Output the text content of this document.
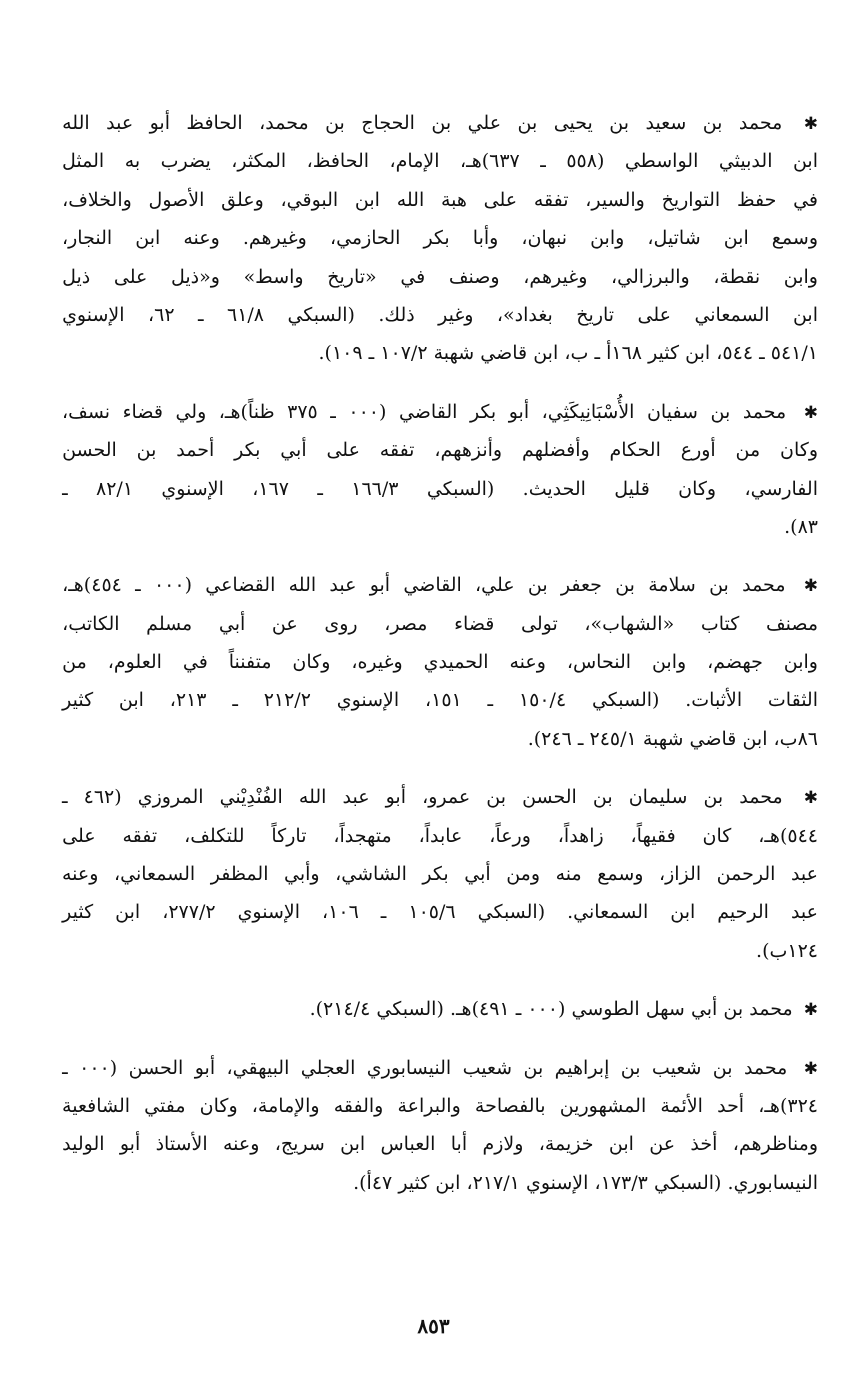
✱
محمد
بن
سعيد
بن
يحيى
بن
علي
بن
الحجاج
بن
محمد،
الحافظ
أبو
عبد
الله
ابن
الدبيثي
الواسطي
(٥٥٨
ـ
٦٣٧)هـ،
الإمام،
الحافظ،
المكثر،
يضرب
به
المثل
في
حفظ
التواريخ
والسير،
تفقه
على
هبة
الله
ابن
البوقي،
وعلق
الأصول
والخلاف،
وسمع
ابن
شاتيل،
وابن
نبهان،
وأبا
بكر
الحازمي،
وغيرهم.
وعنه
ابن
النجار،
وابن
نقطة،
والبرزالي،
وغيرهم،
وصنف
في
«تاريخ
واسط»
و«ذيل
على
ذيل
ابن
السمعاني
على
تاريخ
بغداد»،
وغير
ذلك.
(السبكي
٦١/٨
ـ
٦٢،
الإسنوي
٥٤١/١
ـ
٥٤٤،
ابن
كثير
١٦٨أ
ـ
ب،
ابن
قاضي
شهبة
١٠٧/٢
ـ
١٠٩).
✱
محمد
بن
سفيان
الأُسْبَانِيكَثِي،
أبو
بكر
القاضي
(٠٠٠
ـ
٣٧٥
ظناً)هـ،
ولي
قضاء
نسف،
وكان
من
أورع
الحكام
وأفضلهم
وأنزههم،
تفقه
على
أبي
بكر
أحمد
بن
الحسن
الفارسي،
وكان
قليل
الحديث.
(السبكي
١٦٦/٣
ـ
١٦٧،
الإسنوي
٨٢/١
ـ
٨٣).
✱
محمد
بن
سلامة
بن
جعفر
بن
علي،
القاضي
أبو
عبد
الله
القضاعي
(٠٠٠
ـ
٤٥٤)هـ،
مصنف
كتاب
«الشهاب»،
تولى
قضاء
مصر،
روى
عن
أبي
مسلم
الكاتب،
وابن
جهضم،
وابن
النحاس،
وعنه
الحميدي
وغيره،
وكان
متفنناً
في
العلوم،
من
الثقات
الأثبات.
(السبكي
١٥٠/٤
ـ
١٥١،
الإسنوي
٢١٢/٢
ـ
٢١٣،
ابن
كثير
٨٦ب،
ابن
قاضي
شهبة
٢٤٥/١
ـ
٢٤٦).
✱
محمد
بن
سليمان
بن
الحسن
بن
عمرو،
أبو
عبد
الله
الفُنْدِيْني
المروزي
(٤٦٢
ـ
٥٤٤)هـ،
كان
فقيهاً،
زاهداً،
ورعاً،
عابداً،
متهجداً،
تاركاً
للتكلف،
تفقه
على
عبد
الرحمن
الزاز،
وسمع
منه
ومن
أبي
بكر
الشاشي،
وأبي
المظفر
السمعاني،
وعنه
عبد
الرحيم
ابن
السمعاني.
(السبكي
١٠٥/٦
ـ
١٠٦،
الإسنوي
٢٧٧/٢،
ابن
كثير
١٢٤ب).
✱
محمد
بن
أبي
سهل
الطوسي
(٠٠٠
ـ
٤٩١)هـ.
(السبكي
٢١٤/٤).
✱
محمد
بن
شعيب
بن
إبراهيم
بن
شعيب
النيسابوري
العجلي
البيهقي،
أبو
الحسن
(٠٠٠
ـ
٣٢٤)هـ،
أحد
الأئمة
المشهورين
بالفصاحة
والبراعة
والفقه
والإمامة،
وكان
مفتي
الشافعية
ومناظرهم،
أخذ
عن
ابن
خزيمة،
ولازم
أبا
العباس
ابن
سريج،
وعنه
الأستاذ
أبو
الوليد
النيسابوري.
(السبكي
١٧٣/٣،
الإسنوي
٢١٧/١،
ابن
كثير
٤٧أ).
٨٥٣
